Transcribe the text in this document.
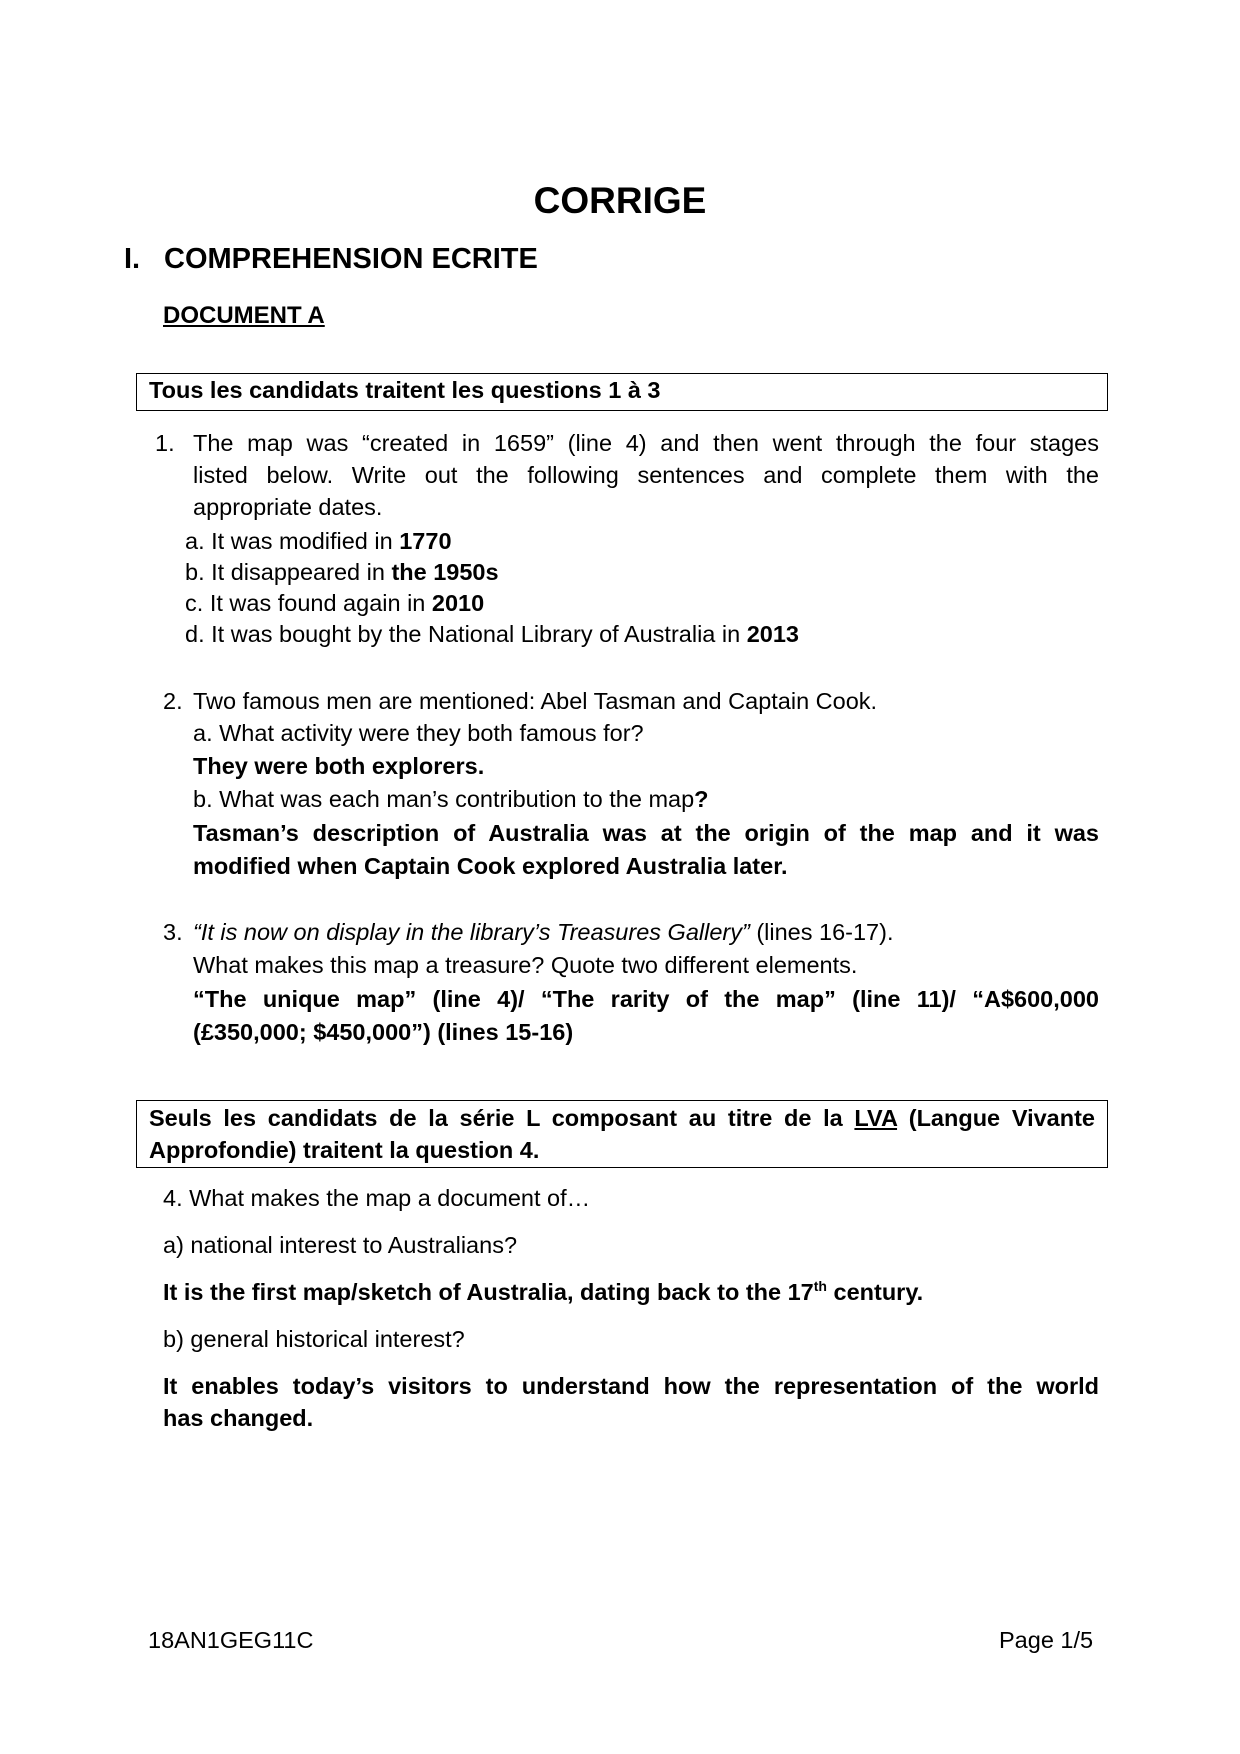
CORRIGE
I. COMPREHENSION ECRITE
DOCUMENT A
Tous les candidats traitent les questions 1 à 3
1. The map was “created in 1659” (line 4) and then went through the four stages
listed below. Write out the following sentences and complete them with the
appropriate dates.
a. It was modified in 1770
b. It disappeared in the 1950s
c. It was found again in 2010
d. It was bought by the National Library of Australia in 2013
2. Two famous men are mentioned: Abel Tasman and Captain Cook.
a. What activity were they both famous for?
They were both explorers.
b. What was each man’s contribution to the map?
Tasman’s description of Australia was at the origin of the map and it was
modified when Captain Cook explored Australia later.
3. “It is now on display in the library’s Treasures Gallery” (lines 16-17).
What makes this map a treasure? Quote two different elements.
“The unique map” (line 4)/ “The rarity of the map” (line 11)/ “A$600,000
(£350,000; $450,000”) (lines 15-16)
Seuls les candidats de la série L composant au titre de la LVA (Langue Vivante
Approfondie) traitent la question 4.
4. What makes the map a document of…
a) national interest to Australians?
It is the first map/sketch of Australia, dating back to the 17th century.
b) general historical interest?
It enables today’s visitors to understand how the representation of the world
has changed.
18AN1GEG11C	Page 1/5
